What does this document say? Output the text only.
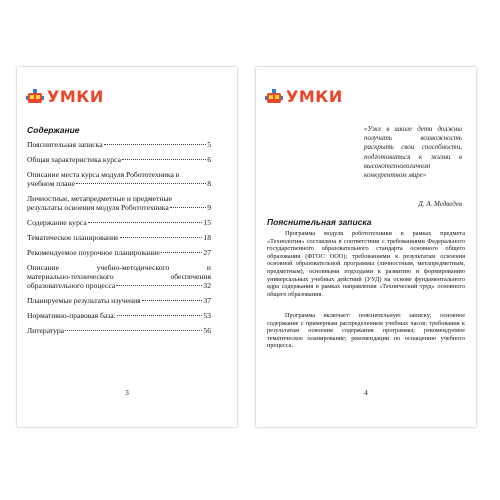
УМКИ
Содержание
Пояснительная записка	5
Общая характеристика курса	6
Описание места курса модуля Робототехника в
учебном плане	8
Личностные, метапредметные и предметные
результаты освоения модуля Робототехника	9
Содержание курса	15
Тематическое планирование	18
Рекомендуемое поурочное планирование	27
Описание учебно-методического и
материально-технического обеспечения
образовательного процесса	32
Планируемые результаты изучения	37
Нормативно-правовая база:	53
Литература	56
3
УМКИ
«Уже в школе дети должны получить возможность раскрыть свои способности, подготовиться к жизни в высокотехнологичном конкурентном мире»
Д. А. Медведев
Пояснительная записка
Программа модуля робототехники в рамках предмета «Технология» составлена в соответствии с требованиями Федерального государственного образовательного стандарта основного общего образования (ФГОС ООО); требованиями к результатам освоения основной образовательной программы (личностным, метапредметным, предметным), основными подходами к развитию и формированию универсальных учебных действий (УУД) на основе фундаментального ядра содержания в рамках направления «Технический труд» основного общего образования.
Программа включает: пояснительную записку; основное содержание с примерным распределением учебных часов; требования к результатам освоения содержания программы; рекомендуемое тематическое планирование; рекомендации по оснащению учебного процесса.
4
